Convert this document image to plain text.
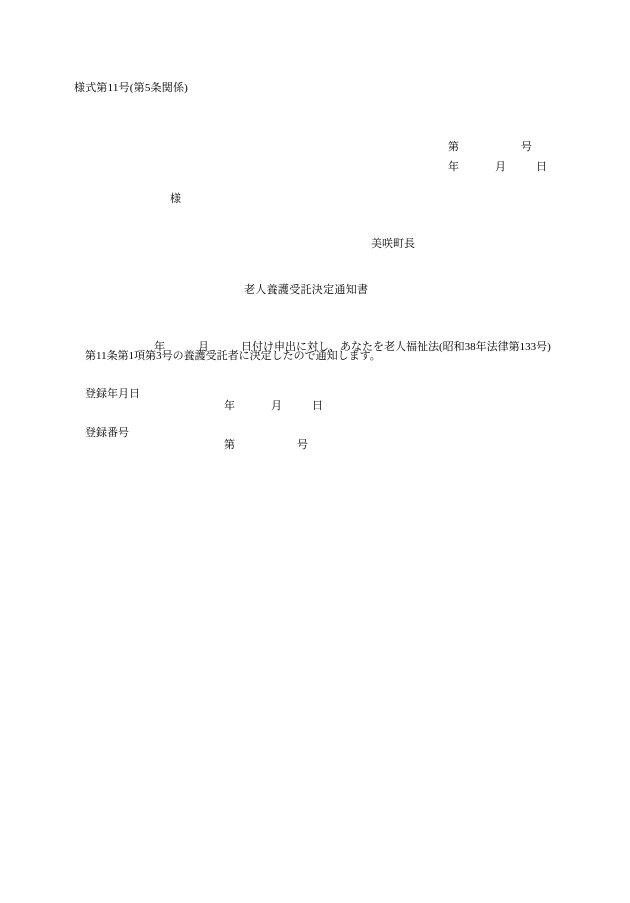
様式第11号(第5条関係)

第	号

年	月	日

様
美咲町長
老人養護受託決定通知書

年	月	日付け申出に対し、あなたを老人福祉法(昭和38年法律第133号)

第11条第1項第3号の養護受託者に決定したので通知します。
登録年月日

年	月	日

登録番号

第	号
